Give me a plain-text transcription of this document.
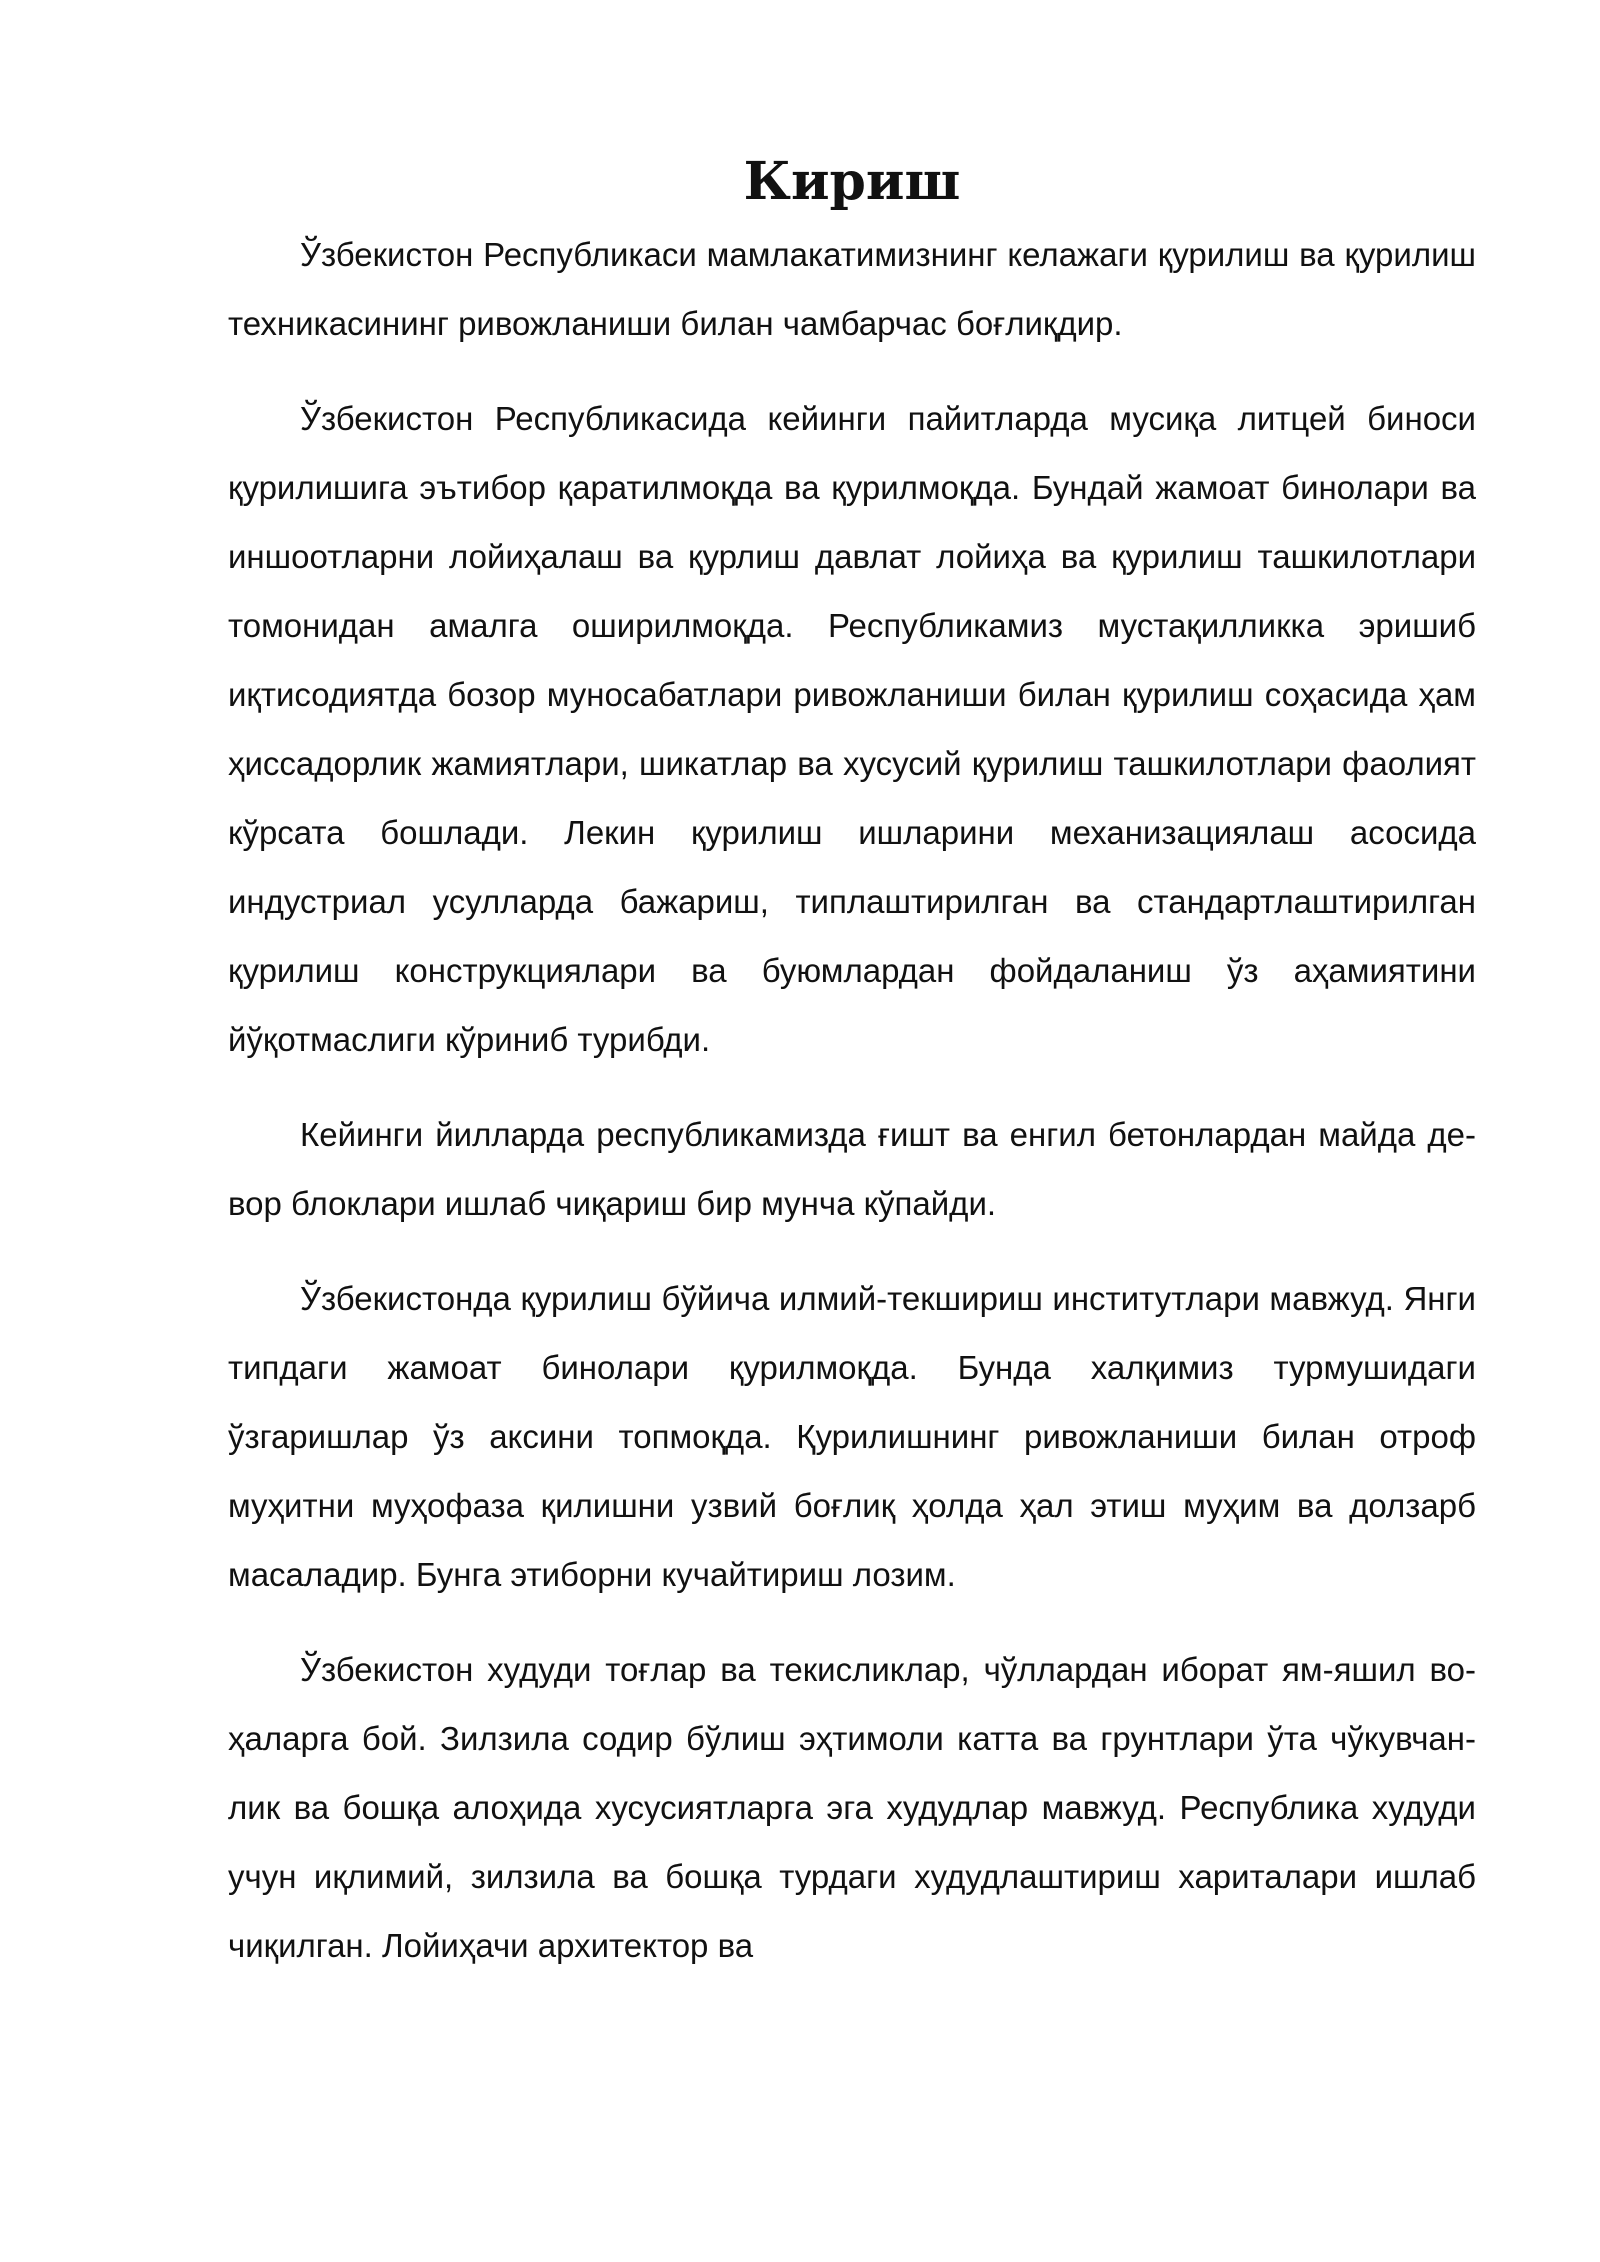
Кириш

Ўзбекистон Республикаси мамлакатимизнинг келажаги қурилиш ва қурилиш техникасининг ривожланиши билан чамбарчас боғлиқдир.

Ўзбекистон Республикасида кейинги пайитларда мусиқа литцей биноси қурилишига эътибор қаратилмоқда ва қурилмоқда. Бундай жамоат бинолари ва иншоотларни лойиҳалаш ва қурлиш давлат лойиҳа ва қурилиш ташкилотлари томонидан амалга оширилмоқда. Республикамиз мустақилликка эришиб иқтисодиятда бозор муносабатлари ривожланиши билан қурилиш соҳасида ҳам ҳиссадорлик жамиятлари, шикатлар ва хусусий қурилиш ташкилотлари фаолият кўрсата бошлади. Лекин қурилиш ишларини механизациялаш асосида индустриал усулларда бажариш, типлаштирилган ва стандартлаштирилган қурилиш конструкциялари ва буюмлардан фойдаланиш ўз аҳамиятини йўқотмаслиги кўриниб турибди.

Кейинги йилларда республикамизда ғишт ва енгил бетонлардан майда де-вор блоклари ишлаб чиқариш бир мунча кўпайди.

Ўзбекистонда қурилиш бўйича илмий-текшириш институтлари мавжуд. Янги типдаги жамоат бинолари қурилмоқда. Бунда халқимиз турмушидаги ўзгаришлар ўз аксини топмоқда. Қурилишнинг ривожланиши билан отроф муҳитни муҳофаза қилишни узвий боғлиқ ҳолда ҳал этиш муҳим ва долзарб масаладир. Бунга этиборни кучайтириш лозим.

Ўзбекистон худуди тоғлар ва текисликлар, чўллардан иборат ям-яшил во-ҳаларга бой. Зилзила содир бўлиш эҳтимоли катта ва грунтлари ўта чўкувчан-лик ва бошқа алоҳида хусусиятларга эга худудлар мавжуд. Республика худуди учун иқлимий, зилзила ва бошқа турдаги худудлаштириш хариталари ишлаб чиқилган. Лойиҳачи архитектор ва
